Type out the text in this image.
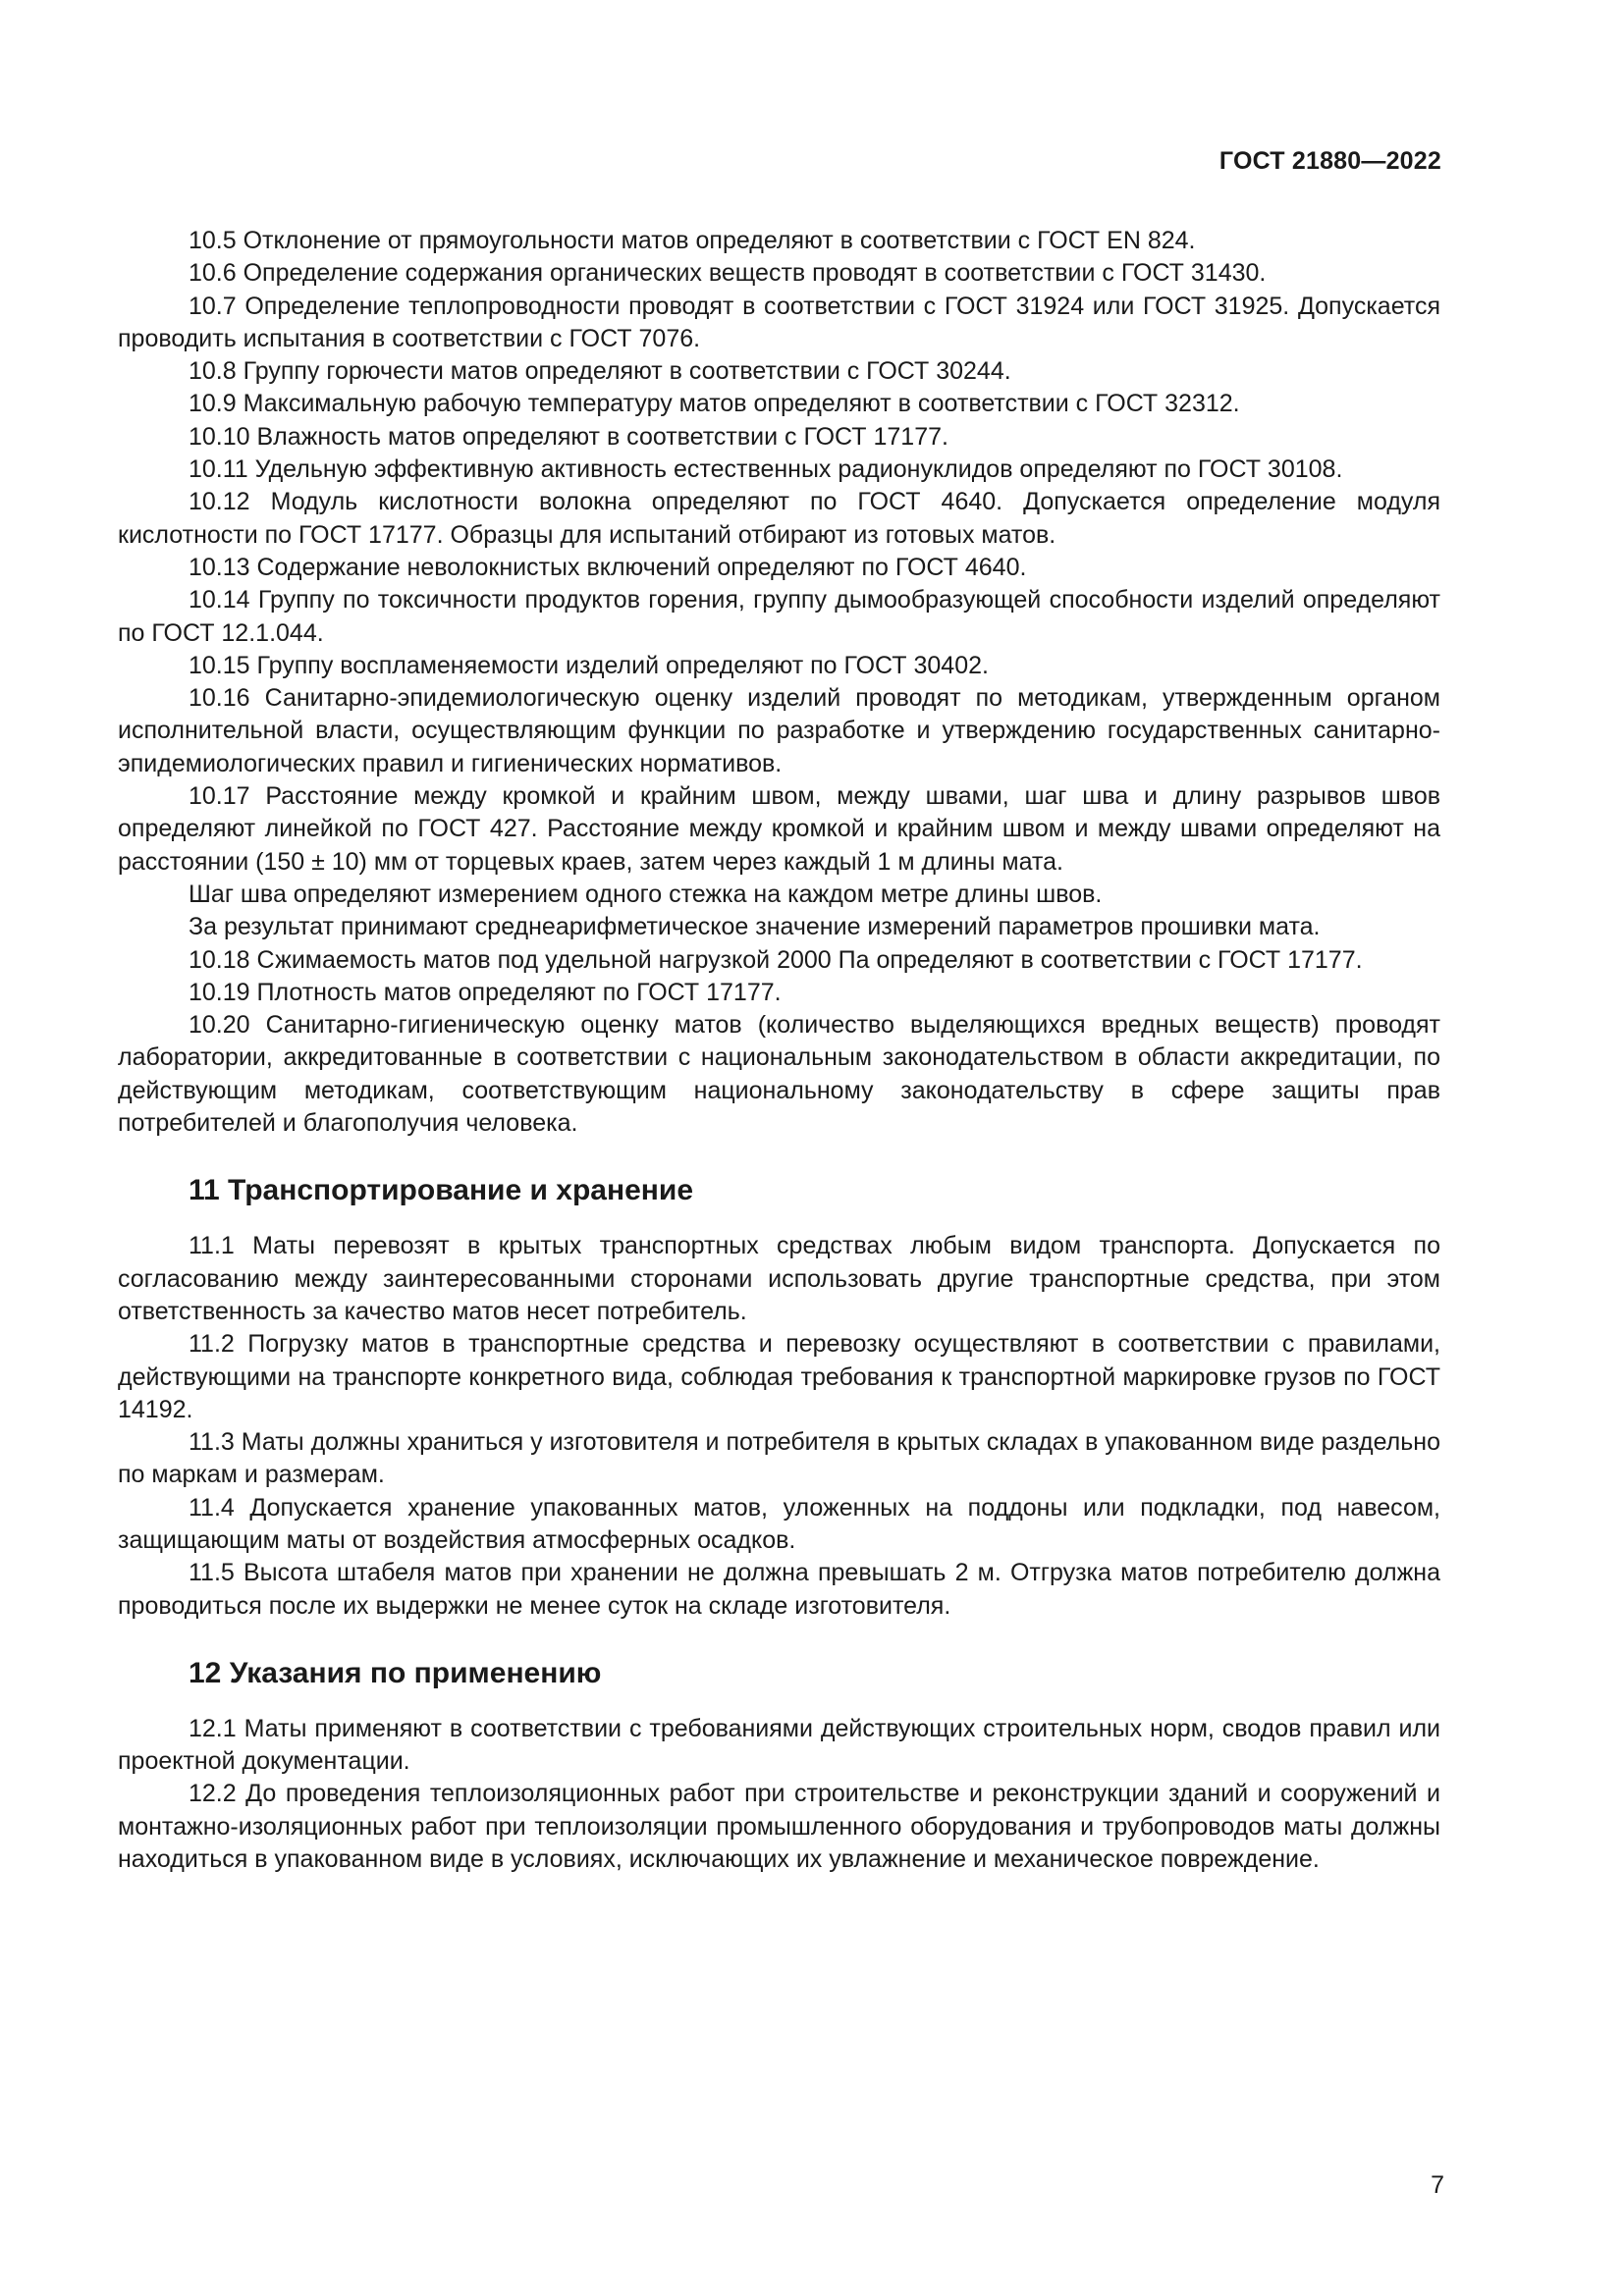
ГОСТ 21880—2022

10.5 Отклонение от прямоугольности матов определяют в соответствии с ГОСТ EN 824.

10.6 Определение содержания органических веществ проводят в соответствии с ГОСТ 31430.

10.7 Определение теплопроводности проводят в соответствии с ГОСТ 31924 или ГОСТ 31925. Допускается проводить испытания в соответствии с ГОСТ 7076.

10.8 Группу горючести матов определяют в соответствии с ГОСТ 30244.

10.9 Максимальную рабочую температуру матов определяют в соответствии с ГОСТ 32312.

10.10 Влажность матов определяют в соответствии с ГОСТ 17177.

10.11 Удельную эффективную активность естественных радионуклидов определяют по ГОСТ 30108.

10.12 Модуль кислотности волокна определяют по ГОСТ 4640. Допускается определение модуля кислотности по ГОСТ 17177. Образцы для испытаний отбирают из готовых матов.

10.13 Содержание неволокнистых включений определяют по ГОСТ 4640.

10.14 Группу по токсичности продуктов горения, группу дымообразующей способности изделий определяют по ГОСТ 12.1.044.

10.15 Группу воспламеняемости изделий определяют по ГОСТ 30402.

10.16 Санитарно-эпидемиологическую оценку изделий проводят по методикам, утвержденным органом исполнительной власти, осуществляющим функции по разработке и утверждению государственных санитарно-эпидемиологических правил и гигиенических нормативов.

10.17 Расстояние между кромкой и крайним швом, между швами, шаг шва и длину разрывов швов определяют линейкой по ГОСТ 427. Расстояние между кромкой и крайним швом и между швами определяют на расстоянии (150 ± 10) мм от торцевых краев, затем через каждый 1 м длины мата.

Шаг шва определяют измерением одного стежка на каждом метре длины швов.

За результат принимают среднеарифметическое значение измерений параметров прошивки мата.

10.18 Сжимаемость матов под удельной нагрузкой 2000 Па определяют в соответствии с ГОСТ 17177.

10.19 Плотность матов определяют по ГОСТ 17177.

10.20 Санитарно-гигиеническую оценку матов (количество выделяющихся вредных веществ) проводят лаборатории, аккредитованные в соответствии с национальным законодательством в области аккредитации, по действующим методикам, соответствующим национальному законодательству в сфере защиты прав потребителей и благополучия человека.

11 Транспортирование и хранение

11.1 Маты перевозят в крытых транспортных средствах любым видом транспорта. Допускается по согласованию между заинтересованными сторонами использовать другие транспортные средства, при этом ответственность за качество матов несет потребитель.

11.2 Погрузку матов в транспортные средства и перевозку осуществляют в соответствии с правилами, действующими на транспорте конкретного вида, соблюдая требования к транспортной маркировке грузов по ГОСТ 14192.

11.3 Маты должны храниться у изготовителя и потребителя в крытых складах в упакованном виде раздельно по маркам и размерам.

11.4 Допускается хранение упакованных матов, уложенных на поддоны или подкладки, под навесом, защищающим маты от воздействия атмосферных осадков.

11.5 Высота штабеля матов при хранении не должна превышать 2 м. Отгрузка матов потребителю должна проводиться после их выдержки не менее суток на складе изготовителя.

12 Указания по применению

12.1 Маты применяют в соответствии с требованиями действующих строительных норм, сводов правил или проектной документации.

12.2 До проведения теплоизоляционных работ при строительстве и реконструкции зданий и сооружений и монтажно-изоляционных работ при теплоизоляции промышленного оборудования и трубопроводов маты должны находиться в упакованном виде в условиях, исключающих их увлажнение и механическое повреждение.

7
